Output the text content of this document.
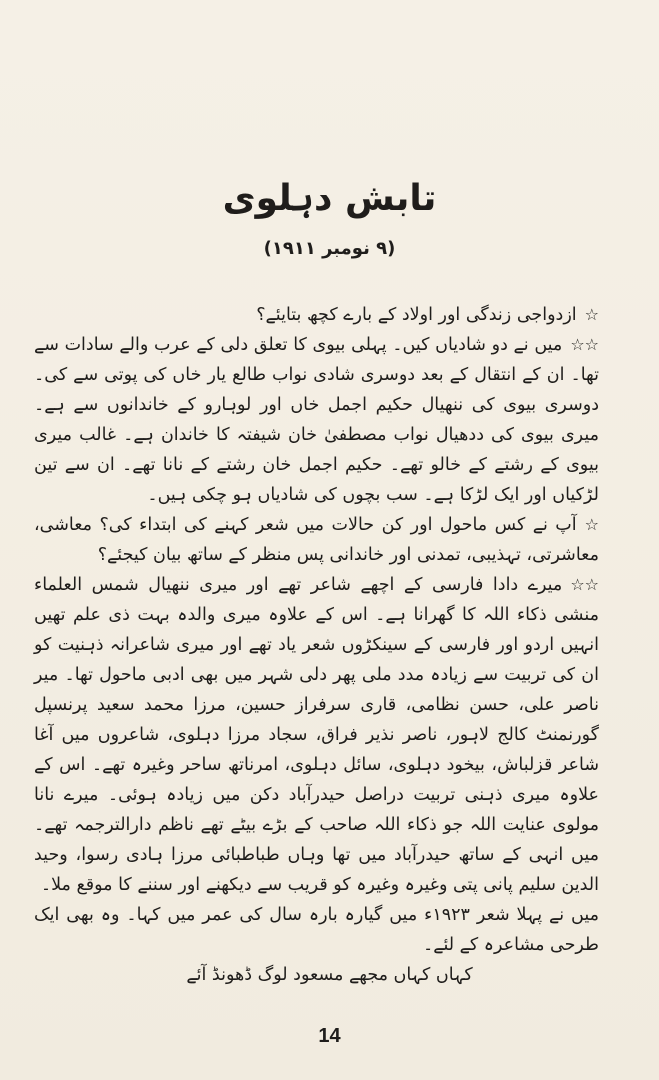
تابش دہلوی
(۹ نومبر ۱۹۱۱)

☆ازدواجی زندگی اور اولاد کے بارے کچھ بتایئے؟

☆☆میں نے دو شادیاں کیں۔ پہلی بیوی کا تعلق دلی کے عرب والے سادات سے تھا۔ ان کے انتقال کے بعد دوسری شادی نواب طالع یار خاں کی پوتی سے کی۔ دوسری بیوی کی ننھیال حکیم اجمل خاں اور لوہارو کے خاندانوں سے ہے۔ میری بیوی کی ددھیال نواب مصطفیٰ خان شیفتہ کا خاندان ہے۔ غالب میری بیوی کے رشتے کے خالو تھے۔ حکیم اجمل خان رشتے کے نانا تھے۔ ان سے تین لڑکیاں اور ایک لڑکا ہے۔ سب بچوں کی شادیاں ہو چکی ہیں۔

☆آپ نے کس ماحول اور کن حالات میں شعر کہنے کی ابتداء کی؟ معاشی، معاشرتی، تہذیبی، تمدنی اور خاندانی پس منظر کے ساتھ بیان کیجئے؟

☆☆میرے دادا فارسی کے اچھے شاعر تھے اور میری ننھیال شمس العلماء منشی ذکاء اللہ کا گھرانا ہے۔ اس کے علاوہ میری والدہ بہت ذی علم تھیں انہیں اردو اور فارسی کے سینکڑوں شعر یاد تھے اور میری شاعرانہ ذہنیت کو ان کی تربیت سے زیادہ مدد ملی پھر دلی شہر میں بھی ادبی ماحول تھا۔ میر ناصر علی، حسن نظامی، قاری سرفراز حسین، مرزا محمد سعید پرنسپل گورنمنٹ کالج لاہور، ناصر نذیر فراق، سجاد مرزا دہلوی، شاعروں میں آغا شاعر قزلباش، بیخود دہلوی، سائل دہلوی، امرناتھ ساحر وغیرہ تھے۔ اس کے علاوہ میری ذہنی تربیت دراصل حیدرآباد دکن میں زیادہ ہوئی۔ میرے نانا مولوی عنایت اللہ جو ذکاء اللہ صاحب کے بڑے بیٹے تھے ناظم دارالترجمہ تھے۔ میں انہی کے ساتھ حیدرآباد میں تھا وہاں طباطبائی مرزا ہادی رسوا، وحید الدین سلیم پانی پتی وغیرہ وغیرہ کو قریب سے دیکھنے اور سننے کا موقع ملا۔

میں نے پہلا شعر ۱۹۲۳ء میں گیارہ بارہ سال کی عمر میں کہا۔ وہ بھی ایک طرحی مشاعرہ کے لئے۔

کہاں کہاں مجھے مسعود لوگ ڈھونڈ آئے
14
